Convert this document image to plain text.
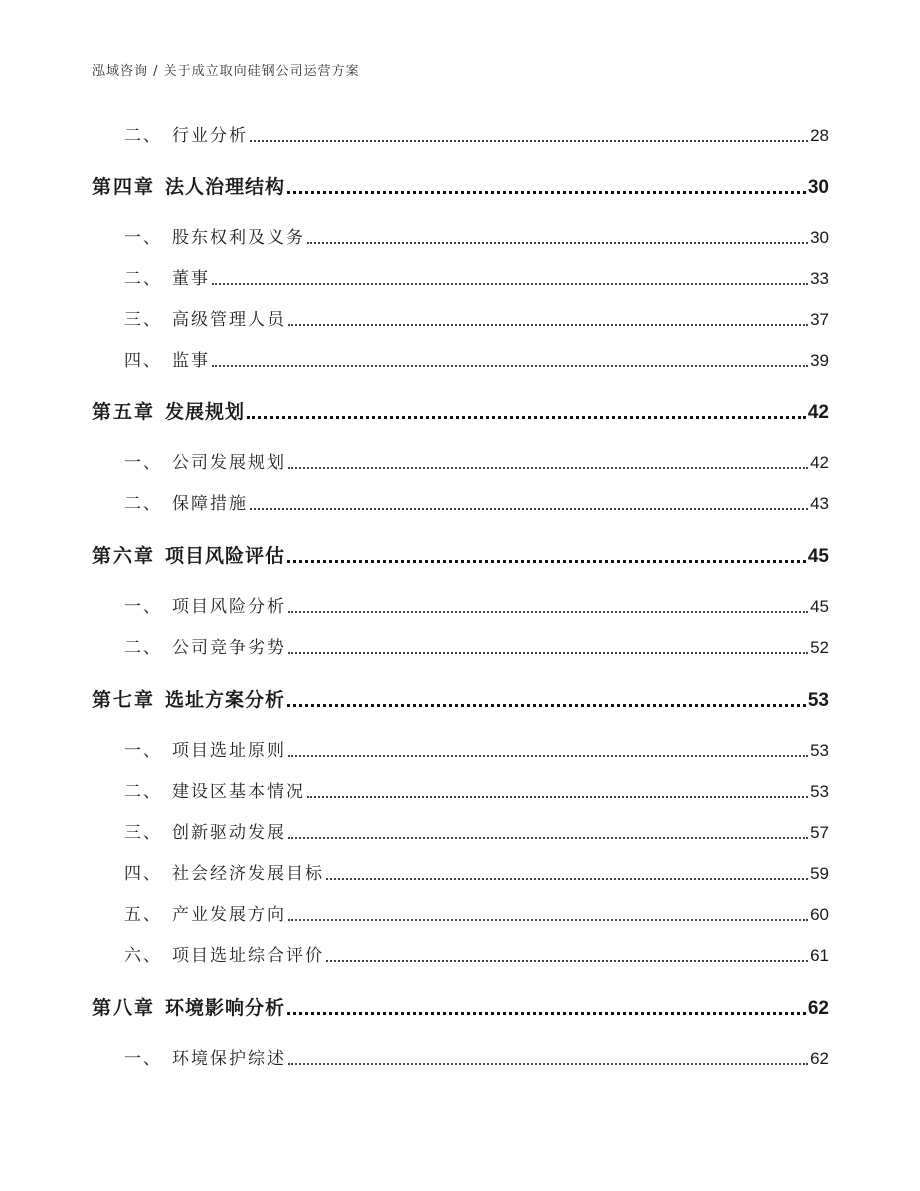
泓域咨询 / 关于成立取向硅钢公司运营方案
二、 行业分析	28
第四章 法人治理结构	30
一、 股东权利及义务	30
二、 董事	33
三、 高级管理人员	37
四、 监事	39
第五章 发展规划	42
一、 公司发展规划	42
二、 保障措施	43
第六章 项目风险评估	45
一、 项目风险分析	45
二、 公司竞争劣势	52
第七章 选址方案分析	53
一、 项目选址原则	53
二、 建设区基本情况	53
三、 创新驱动发展	57
四、 社会经济发展目标	59
五、 产业发展方向	60
六、 项目选址综合评价	61
第八章 环境影响分析	62
一、 环境保护综述	62
